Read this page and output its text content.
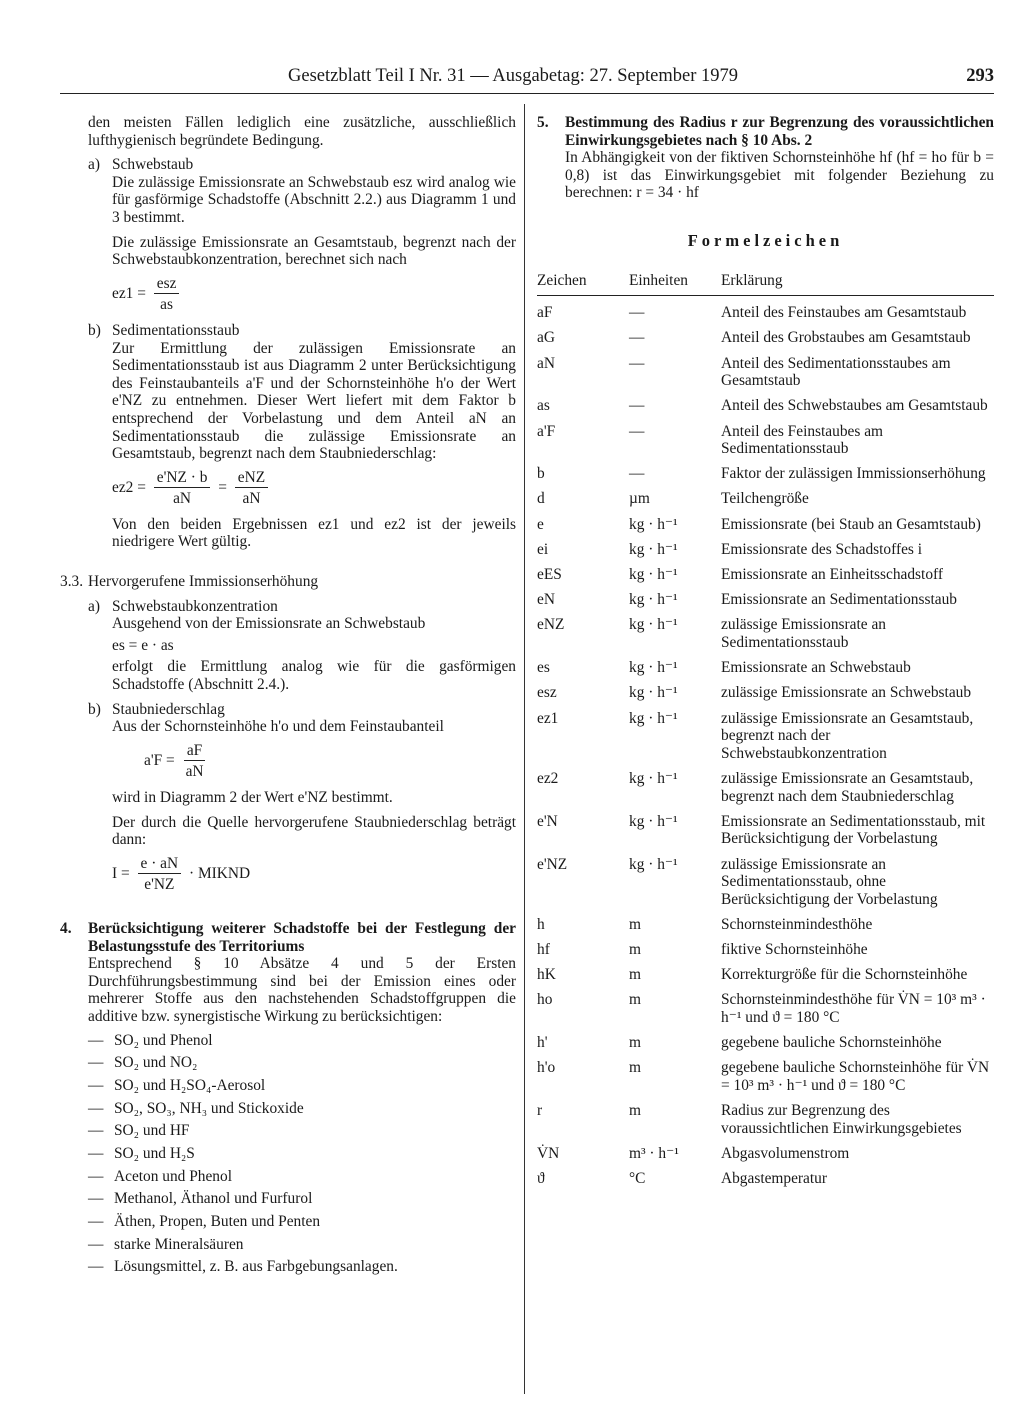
Gesetzblatt Teil I Nr. 31 — Ausgabetag: 27. September 1979	293

den meisten Fällen lediglich eine zusätzliche, ausschließlich lufthygienisch begründete Bedingung.

a) Schwebstaub

Die zulässige Emissionsrate an Schwebstaub esz wird analog wie für gasförmige Schadstoffe (Abschnitt 2.2.) aus Diagramm 1 und 3 bestimmt.

Die zulässige Emissionsrate an Gesamtstaub, begrenzt nach der Schwebstaubkonzentration, berechnet sich nach

$ez1 = \frac{\text{esz}}{as}$

b) Sedimentationsstaub

Zur Ermittlung der zulässigen Emissionsrate an Sedimentationsstaub ist aus Diagramm 2 unter Berücksichtigung des Feinstaubanteils a'F und der Schornsteinhöhe h'o der Wert e'NZ zu entnehmen. Dieser Wert liefert mit dem Faktor b entsprechend der Vorbelastung und dem Anteil aN an Sedimentationsstaub die zulässige Emissionsrate an Gesamtstaub, begrenzt nach dem Staubniederschlag:

$ez2 = \frac{e'NZ \cdot b}{aN} = \frac{\text{eNZ}}{aN}$

Von den beiden Ergebnissen ez1 und ez2 ist der jeweils niedrigere Wert gültig.

3.3. Hervorgerufene Immissionserhöhung

a) Schwebstaubkonzentration

Ausgehend von der Emissionsrate an Schwebstaub

es = e · as

erfolgt die Ermittlung analog wie für die gasförmigen Schadstoffe (Abschnitt 2.4.).

b) Staubniederschlag

Aus der Schornsteinhöhe h'o und dem Feinstaubanteil

$a'F = \frac{aF}{aN}$

wird in Diagramm 2 der Wert e'NZ bestimmt.

Der durch die Quelle hervorgerufene Staubniederschlag beträgt dann:

$I = \frac{e \cdot aN}{e'NZ}$ · MIKND

4. Berücksichtigung weiterer Schadstoffe bei der Festlegung der Belastungsstufe des Territoriums

Entsprechend § 10 Absätze 4 und 5 der Ersten Durchführungsbestimmung sind bei der Emission eines oder mehrerer Stoffe aus den nachstehenden Schadstoffgruppen die additive bzw. synergistische Wirkung zu berücksichtigen:

— SO₂ und Phenol
— SO₂ und NO₂
— SO₂ und H₂SO₄-Aerosol
— SO₂, SO₃, NH₃ und Stickoxide
— SO₂ und HF
— SO₂ und H₂S
— Aceton und Phenol
— Methanol, Äthanol und Furfurol
— Äthen, Propen, Buten und Penten
— starke Mineralsäuren
— Lösungsmittel, z. B. aus Farbgebungsanlagen.

5. Bestimmung des Radius r zur Begrenzung des voraussichtlichen Einwirkungsgebietes nach § 10 Abs. 2

In Abhängigkeit von der fiktiven Schornsteinhöhe hf (hf = ho für b = 0,8) ist das Einwirkungsgebiet mit folgender Beziehung zu berechnen: r = 34 · hf

Formelzeichen
Zeichen	Einheiten	Erklärung
aF	—	Anteil des Feinstaubes am Gesamtstaub
aG	—	Anteil des Grobstaubes am Gesamtstaub
aN	—	Anteil des Sedimentationsstaubes am Gesamtstaub
as	—	Anteil des Schwebstaubes am Gesamtstaub
a'F	—	Anteil des Feinstaubes am Sedimentationsstaub
b	—	Faktor der zulässigen Immissionserhöhung
d	µm	Teilchengröße
e	kg · h⁻¹	Emissionsrate (bei Staub an Gesamtstaub)
ei	kg · h⁻¹	Emissionsrate des Schadstoffes i
eES	kg · h⁻¹	Emissionsrate an Einheitsschadstoff
eN	kg · h⁻¹	Emissionsrate an Sedimentationsstaub
eNZ	kg · h⁻¹	zulässige Emissionsrate an Sedimentationsstaub
es	kg · h⁻¹	Emissionsrate an Schwebstaub
esz	kg · h⁻¹	zulässige Emissionsrate an Schwebstaub
ez1	kg · h⁻¹	zulässige Emissionsrate an Gesamtstaub, begrenzt nach der Schwebstaubkonzentration
ez2	kg · h⁻¹	zulässige Emissionsrate an Gesamtstaub, begrenzt nach dem Staubniederschlag
e'N	kg · h⁻¹	Emissionsrate an Sedimentationsstaub, mit Berücksichtigung der Vorbelastung
e'NZ	kg · h⁻¹	zulässige Emissionsrate an Sedimentationsstaub, ohne Berücksichtigung der Vorbelastung
h	m	Schornsteinmindesthöhe
hf	m	fiktive Schornsteinhöhe
hK	m	Korrekturgröße für die Schornsteinhöhe
ho	m	Schornsteinmindesthöhe für V̇N = 10³ m³ · h⁻¹ und ϑ = 180 °C
h'	m	gegebene bauliche Schornsteinhöhe
h'o	m	gegebene bauliche Schornsteinhöhe für V̇N = 10³ m³ · h⁻¹ und ϑ = 180 °C
r	m	Radius zur Begrenzung des voraussichtlichen Einwirkungsgebietes
V̇N	m³ · h⁻¹	Abgasvolumenstrom
ϑ	°C	Abgastemperatur
